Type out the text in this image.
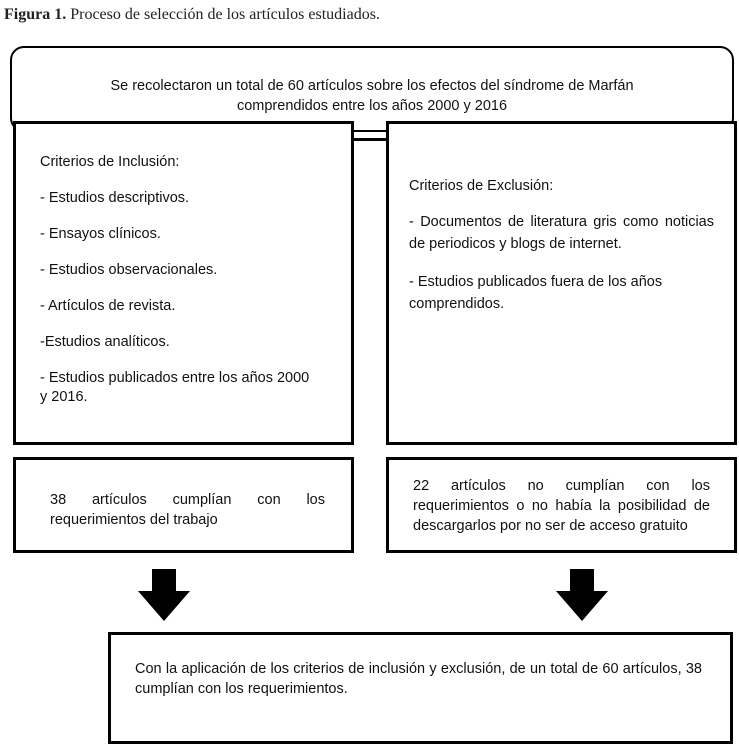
Figura 1. Proceso de selección de los artículos estudiados.
Se recolectaron un total de 60 artículos sobre los efectos del síndrome de Marfán
comprendidos entre los años 2000 y 2016

Criterios de Inclusión:

- Estudios descriptivos.

- Ensayos clínicos.

- Estudios observacionales.

- Artículos de revista.

-Estudios analíticos.

- Estudios publicados entre los años 2000 y 2016.

Criterios de Exclusión:

- Documentos de literatura gris como noticias de periodicos y blogs de internet.

- Estudios publicados fuera de los años comprendidos.

38 artículos cumplían con los requerimientos del trabajo
22 artículos no cumplían con los requerimientos o no había la posibilidad de descargarlos por no ser de acceso gratuito
Con la aplicación de los criterios de inclusión y exclusión, de un total de 60 artículos, 38 cumplían con los requerimientos.
